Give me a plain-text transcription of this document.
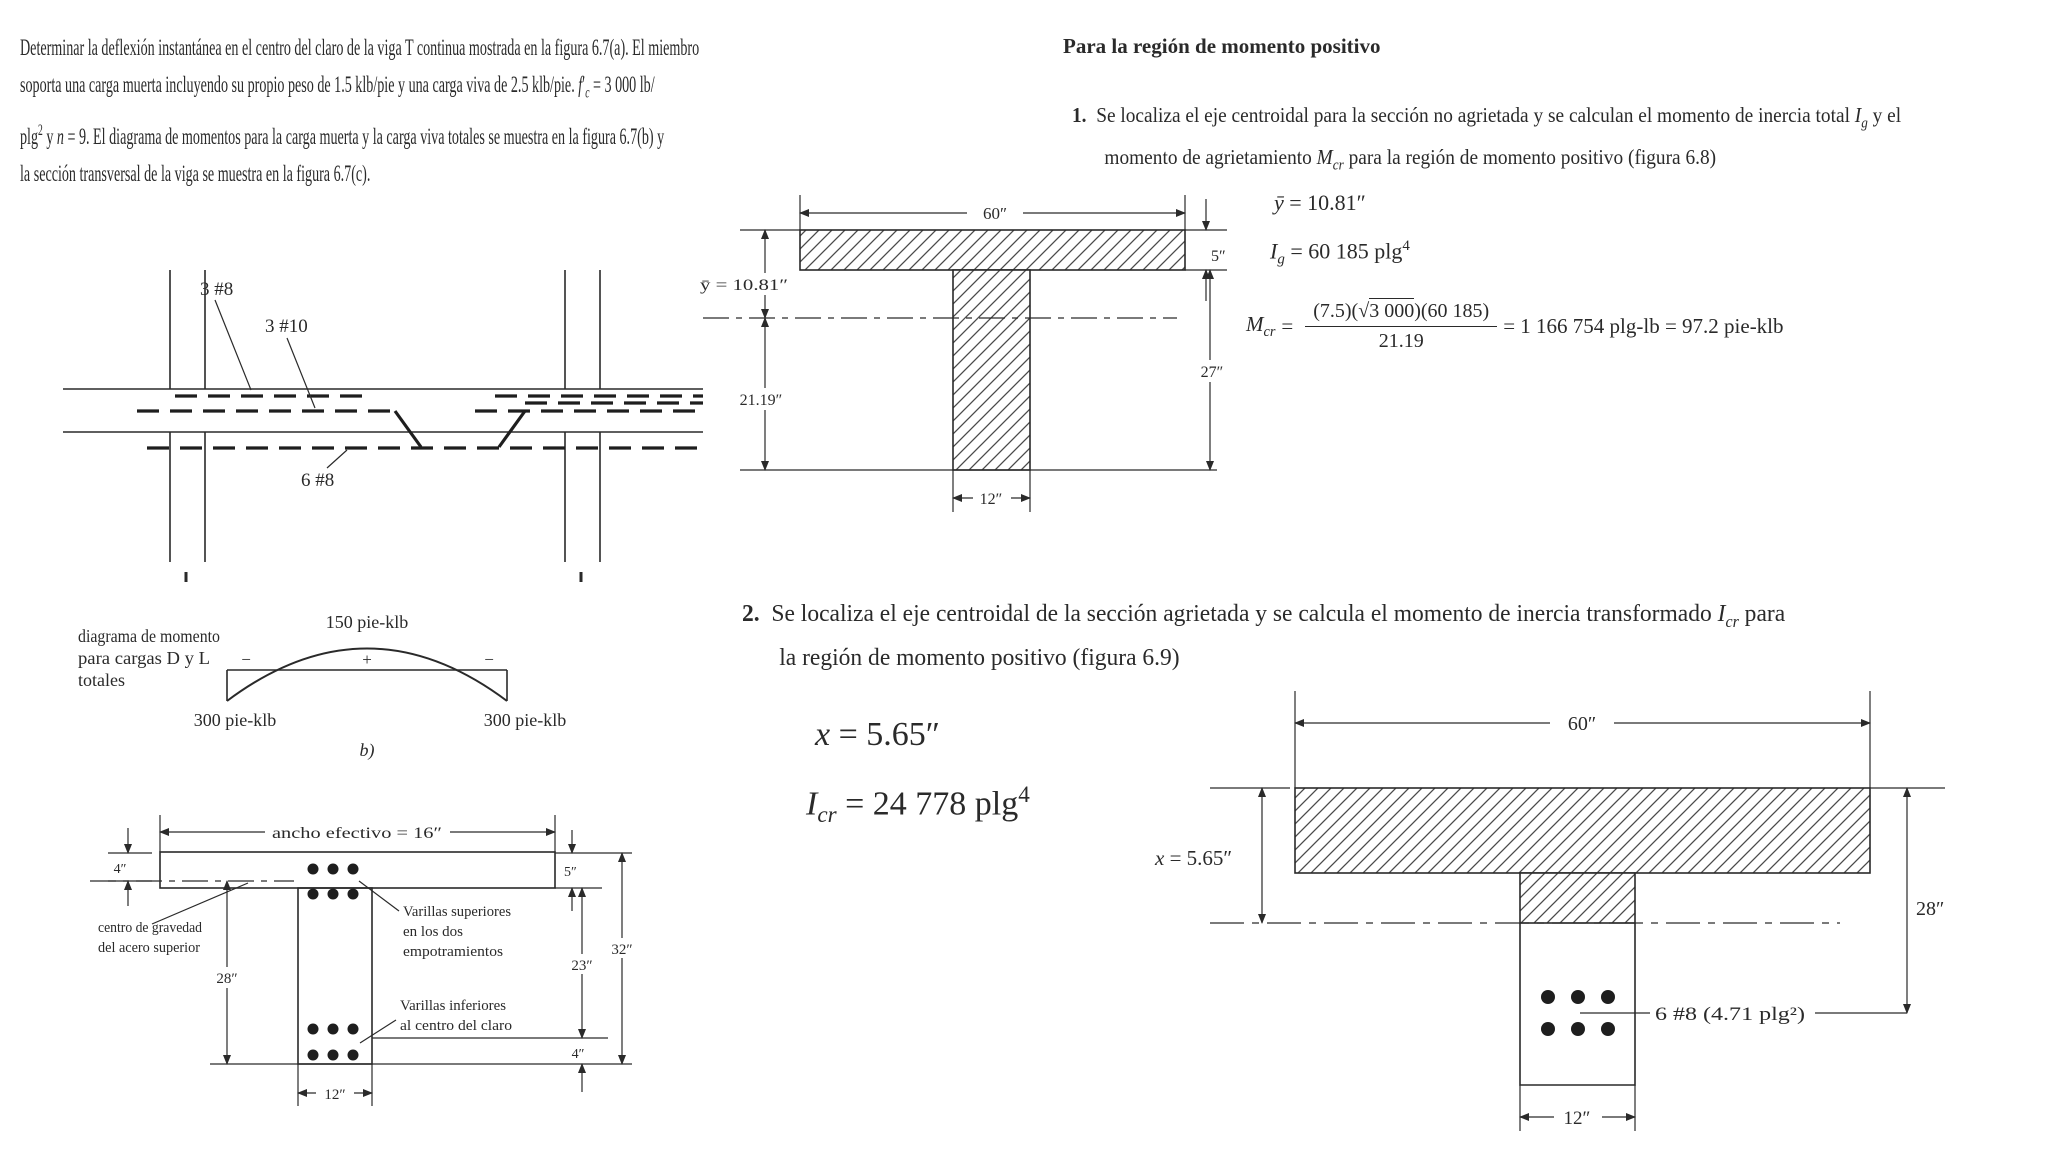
Determinar la deflexión instantánea en el centro del claro de la viga T continua mostrada en la figura 6.7(a). El miembro
soporta una carga muerta incluyendo su propio peso de 1.5 klb/pie y una carga viva de 2.5 klb/pie. $f'_c = 3$ 000 lb/
plg$^2$ y n = 9. El diagrama de momentos para la carga muerta y la carga viva totales se muestra en la figura 6.7(b) y
la sección transversal de la viga se muestra en la figura 6.7(c).
Para la región de momento positivo
1. Se localiza el eje centroidal para la sección no agrietada y se calculan el momento de inercia total $I_g$ y el
momento de agrietamiento $M_{cr}$ para la región de momento positivo (figura 6.8)
ȳ = 10.81″
$I_g = 60$ 185 plg$^4$
$M_{cr} = \frac{(7.5)(√3 000)(60 185)}{21.19} = 1$ 166 754 plg-lb = 97.2 pie-klb
2. Se localiza el eje centroidal de la sección agrietada y se calcula el momento de inercia transformado $I_{cr}$ para
la región de momento positivo (figura 6.9)
x = 5.65″
$I_{cr} = 24$ 778 plg$^4$
3 #8
3 #10
6 #8
60″
ȳ = 10.81″
21.19″
5″
27″
12″
diagrama de momento
para cargas D y L
totales
150 pie-klb
+
−	−
300 pie-klb	300 pie-klb
b)
ancho efectivo = 16″
4″
centro de gravedad
del acero superior
28″
Varillas superiores
en los dos
empotramientos
Varillas inferiores
al centro del claro
5″
23″
4″
32″
12″
60″
x = 5.65″
6 #8 (4.71 plg²)
28″
12″
